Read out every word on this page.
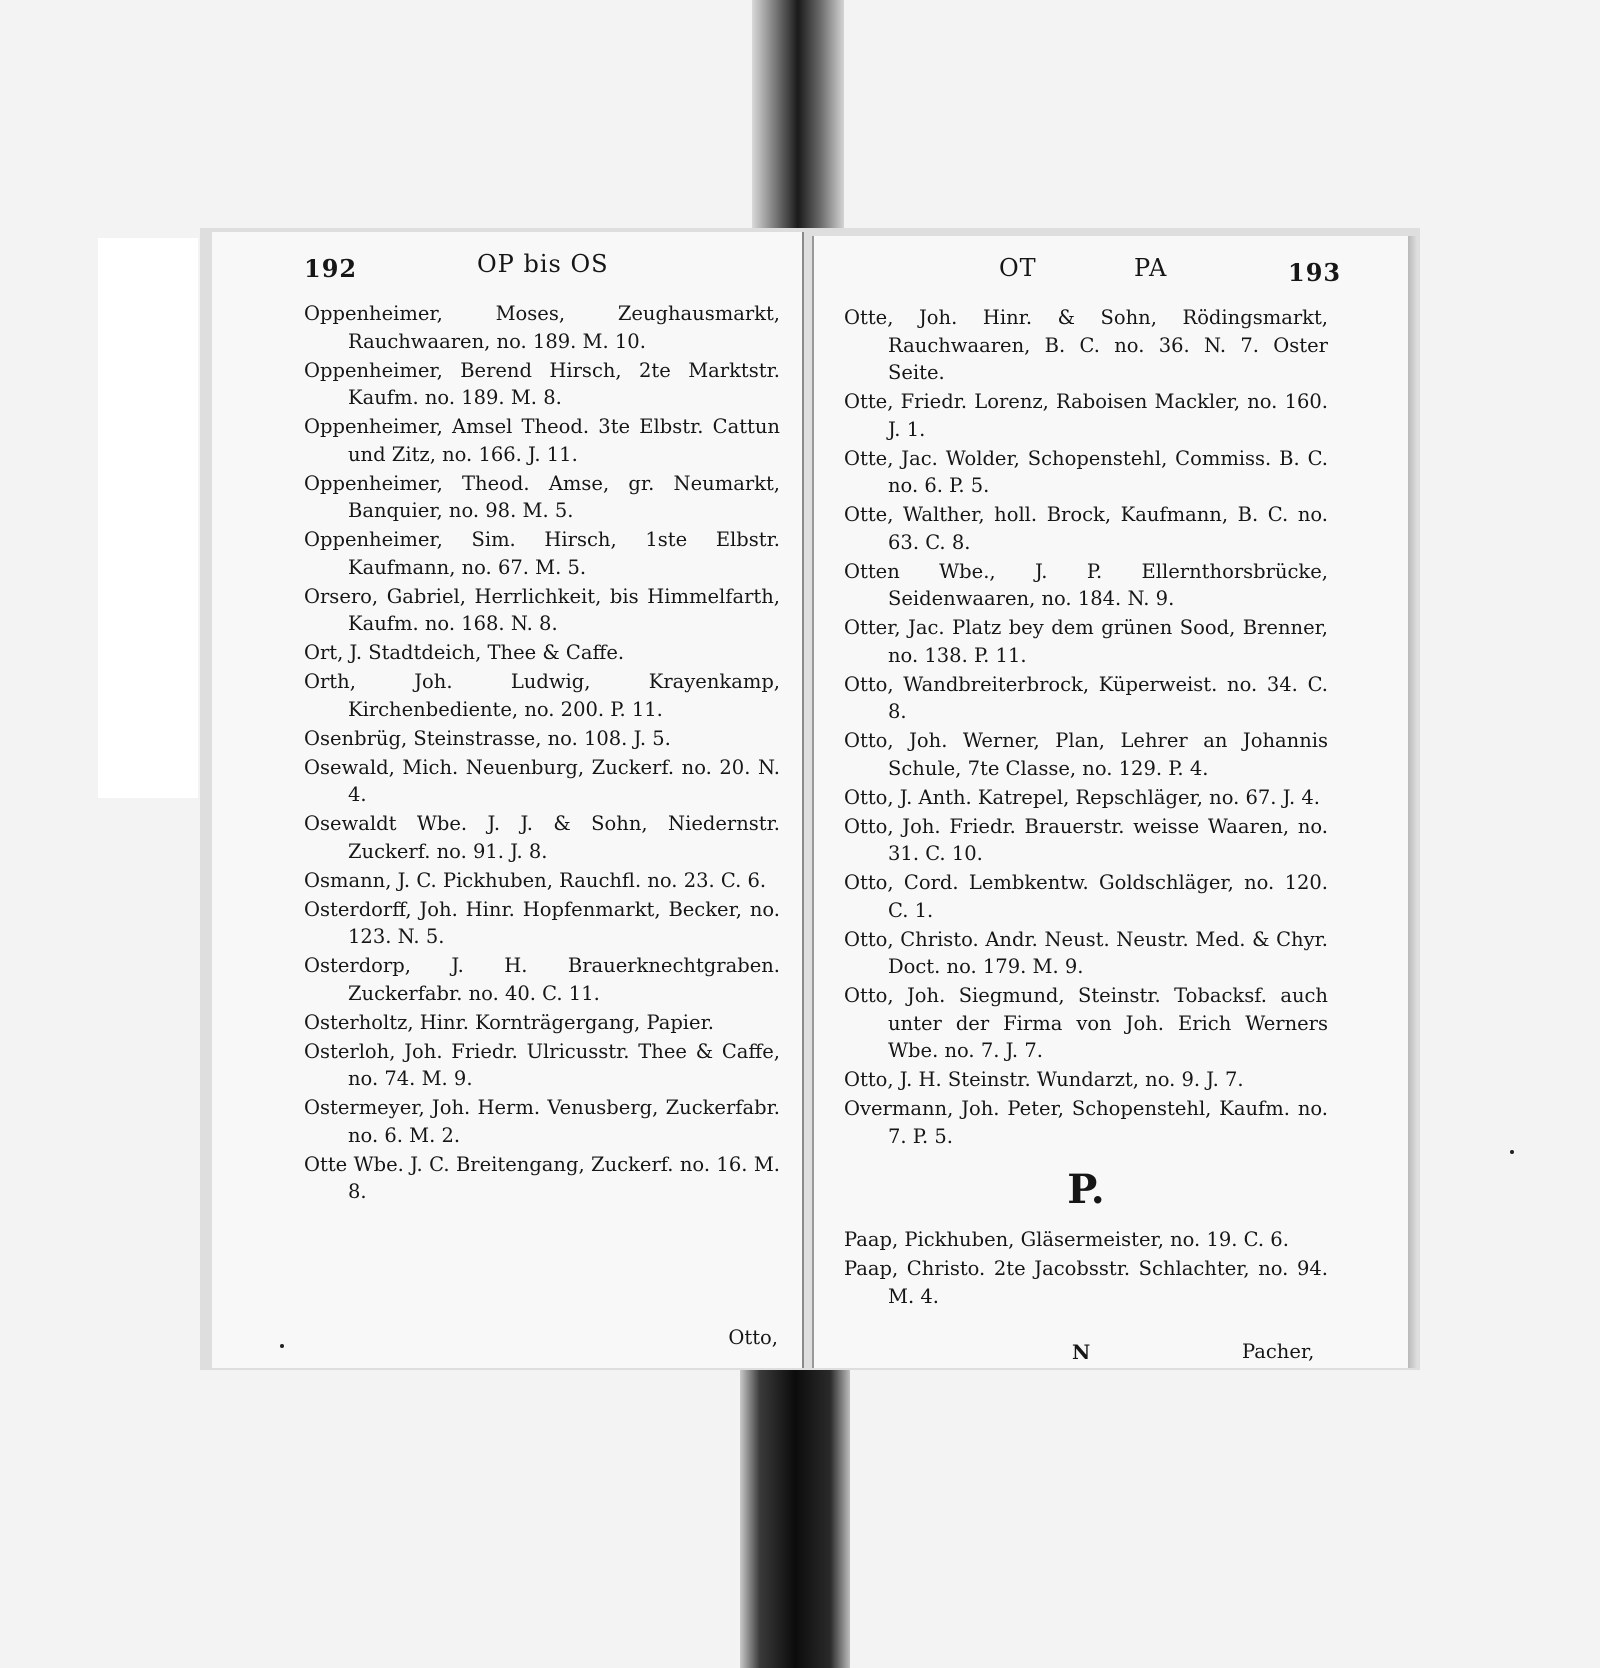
192	OP bis OS

Oppenheimer, Moses, Zeughausmarkt, Rauchwaaren, no. 189. M. 10.

Oppenheimer, Berend Hirsch, 2te Marktstr. Kaufm. no. 189. M. 8.

Oppenheimer, Amsel Theod. 3te Elbstr. Cattun und Zitz, no. 166. J. 11.

Oppenheimer, Theod. Amse, gr. Neumarkt, Banquier, no. 98. M. 5.

Oppenheimer, Sim. Hirsch, 1ste Elbstr. Kaufmann, no. 67. M. 5.

Orsero, Gabriel, Herrlichkeit, bis Himmelfarth, Kaufm. no. 168. N. 8.

Ort, J. Stadtdeich, Thee & Caffe.

Orth, Joh. Ludwig, Krayenkamp, Kirchenbediente, no. 200. P. 11.

Osenbrüg, Steinstrasse, no. 108. J. 5.

Osewald, Mich. Neuenburg, Zuckerf. no. 20. N. 4.

Osewaldt Wbe. J. J. & Sohn, Niedernstr. Zuckerf. no. 91. J. 8.

Osmann, J. C. Pickhuben, Rauchfl. no. 23. C. 6.

Osterdorff, Joh. Hinr. Hopfenmarkt, Becker, no. 123. N. 5.

Osterdorp, J. H. Brauerknechtgraben. Zuckerfabr. no. 40. C. 11.

Osterholtz, Hinr. Kornträgergang, Papier.

Osterloh, Joh. Friedr. Ulricusstr. Thee & Caffe, no. 74. M. 9.

Ostermeyer, Joh. Herm. Venusberg, Zuckerfabr. no. 6. M. 2.

Otte Wbe. J. C. Breitengang, Zuckerf. no. 16. M. 8.

Otto,
OT	PA	193

Otte, Joh. Hinr. & Sohn, Rödingsmarkt, Rauchwaaren, B. C. no. 36. N. 7. Oster Seite.

Otte, Friedr. Lorenz, Raboisen Mackler, no. 160. J. 1.

Otte, Jac. Wolder, Schopenstehl, Commiss. B. C. no. 6. P. 5.

Otte, Walther, holl. Brock, Kaufmann, B. C. no. 63. C. 8.

Otten Wbe., J. P. Ellernthorsbrücke, Seidenwaaren, no. 184. N. 9.

Otter, Jac. Platz bey dem grünen Sood, Brenner, no. 138. P. 11.

Otto, Wandbreiterbrock, Küperweist. no. 34. C. 8.

Otto, Joh. Werner, Plan, Lehrer an Johannis Schule, 7te Classe, no. 129. P. 4.

Otto, J. Anth. Katrepel, Repschläger, no. 67. J. 4.

Otto, Joh. Friedr. Brauerstr. weisse Waaren, no. 31. C. 10.

Otto, Cord. Lembkentw. Goldschläger, no. 120. C. 1.

Otto, Christo. Andr. Neust. Neustr. Med. & Chyr. Doct. no. 179. M. 9.

Otto, Joh. Siegmund, Steinstr. Tobacksf. auch unter der Firma von Joh. Erich Werners Wbe. no. 7. J. 7.

Otto, J. H. Steinstr. Wundarzt, no. 9. J. 7.

Overmann, Joh. Peter, Schopenstehl, Kaufm. no. 7. P. 5.

P.

Paap, Pickhuben, Gläsermeister, no. 19. C. 6.

Paap, Christo. 2te Jacobsstr. Schlachter, no. 94. M. 4.

N	Pacher,
